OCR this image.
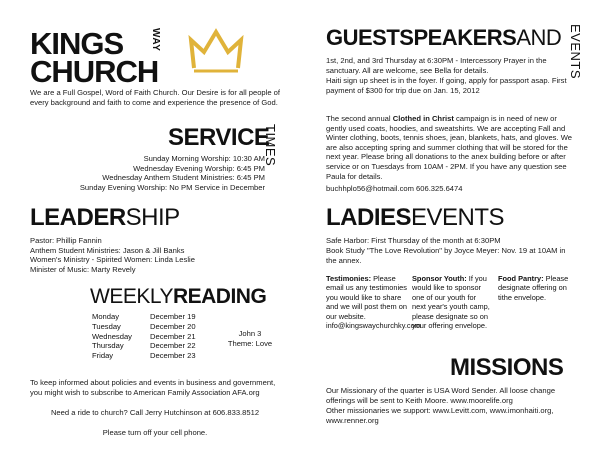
KINGS	WAY
CHURCH
We are a Full Gospel, Word of Faith Church. Our Desire is for all people of every background and faith to come and experience the presence of God.
SERVICE
TIMES
Sunday Morning Worship: 10:30 AM
Wednesday Evening Worship: 6:45 PM
Wednesday Anthem Student Ministries: 6:45 PM
Sunday Evening Worship: No PM Service in December
LEADERSHIP
Pastor: Phillip Fannin
Anthem Student Ministries: Jason & Jill Banks
Women's Ministry - Spirited Women: Linda Leslie
Minister of Music: Marty Revely
WEEKLYREADING
Monday	December 19
Tuesday	December 20
Wednesday	December 21
Thursday	December 22
Friday	December 23
John 3
Theme: Love
To keep informed about policies and events in business and government, you might wish to subscribe to American Family Association AFA.org
Need a ride to church? Call Jerry Hutchinson at 606.833.8512
Please turn off your cell phone.
GUESTSPEAKERSAND EVENTS
1st, 2nd, and 3rd Thursday at 6:30PM - Intercessory Prayer in the sanctuary. All are welcome, see Bella for details.
Haiti sign up sheet is in the foyer. If going, apply for passport asap. First payment of $300 for trip due on Jan. 15, 2012
The second annual Clothed in Christ campaign is in need of new or gently used coats, hoodies, and sweatshirts. We are accepting Fall and Winter clothing, boots, tennis shoes, jean, blankets, hats, and gloves. We are also accepting spring and summer clothing that will be stored for the next year. Please bring all donations to the anex building before or after service or on Tuesdays from 10AM - 2PM. If you have any question see Paula for details.
buchhplo56@hotmail.com 606.325.6474
LADIESEVENTS
Safe Harbor: First Thursday of the month at 6:30PM
Book Study "The Love Revolution" by Joyce Meyer: Nov. 19 at 10AM in the annex.
Testimonies: Please email us any testimonies you would like to share and we will post them on our website. info@kingswaychurchky.com
Sponsor Youth: If you would like to sponsor one of our youth for next year's youth camp, please designate so on your offering envelope.
Food Pantry: Please designate offering on tithe envelope.
MISSIONS
Our Missionary of the quarter is USA Word Sender. All loose change offerings will be sent to Keith Moore. www.moorelife.org
Other missionaries we support: www.Levitt.com, www.imonhaiti.org, www.renner.org
